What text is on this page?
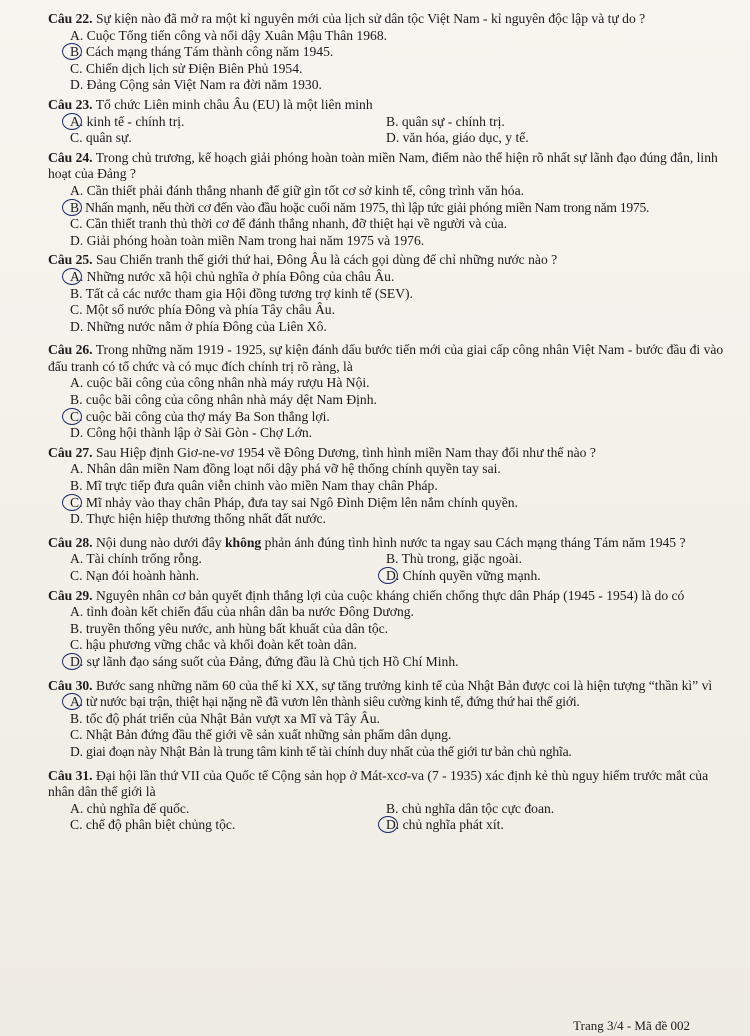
Câu 22. Sự kiện nào đã mở ra một kỉ nguyên mới của lịch sử dân tộc Việt Nam - kỉ nguyên độc lập và tự do ?
A. Cuộc Tổng tiến công và nổi dậy Xuân Mậu Thân 1968.
B. Cách mạng tháng Tám thành công năm 1945.
C. Chiến dịch lịch sử Điện Biên Phủ 1954.
D. Đảng Cộng sản Việt Nam ra đời năm 1930.
Câu 23. Tổ chức Liên minh châu Âu (EU) là một liên minh
A. kinh tế - chính trị.	B. quân sự - chính trị.
C. quân sự.	D. văn hóa, giáo dục, y tế.
Câu 24. Trong chủ trương, kế hoạch giải phóng hoàn toàn miền Nam, điểm nào thể hiện rõ nhất sự lãnh đạo đúng đắn, linh hoạt của Đảng ?
A. Cần thiết phải đánh thắng nhanh để giữ gìn tốt cơ sở kinh tế, công trình văn hóa.
B. Nhấn mạnh, nếu thời cơ đến vào đầu hoặc cuối năm 1975, thì lập tức giải phóng miền Nam trong năm 1975.
C. Cần thiết tranh thủ thời cơ để đánh thắng nhanh, đỡ thiệt hại về người và của.
D. Giải phóng hoàn toàn miền Nam trong hai năm 1975 và 1976.
Câu 25. Sau Chiến tranh thế giới thứ hai, Đông Âu là cách gọi dùng để chỉ những nước nào ?
A. Những nước xã hội chủ nghĩa ở phía Đông của châu Âu.
B. Tất cả các nước tham gia Hội đồng tương trợ kinh tế (SEV).
C. Một số nước phía Đông và phía Tây châu Âu.
D. Những nước nằm ở phía Đông của Liên Xô.
Câu 26. Trong những năm 1919 - 1925, sự kiện đánh dấu bước tiến mới của giai cấp công nhân Việt Nam - bước đầu đi vào đấu tranh có tổ chức và có mục đích chính trị rõ ràng, là
A. cuộc bãi công của công nhân nhà máy rượu Hà Nội.
B. cuộc bãi công của công nhân nhà máy dệt Nam Định.
C. cuộc bãi công của thợ máy Ba Son thắng lợi.
D. Công hội thành lập ở Sài Gòn - Chợ Lớn.
Câu 27. Sau Hiệp định Giơ-ne-vơ 1954 về Đông Dương, tình hình miền Nam thay đổi như thế nào ?
A. Nhân dân miền Nam đồng loạt nổi dậy phá vỡ hệ thống chính quyền tay sai.
B. Mĩ trực tiếp đưa quân viễn chinh vào miền Nam thay chân Pháp.
C. Mĩ nhảy vào thay chân Pháp, đưa tay sai Ngô Đình Diệm lên nắm chính quyền.
D. Thực hiện hiệp thương thống nhất đất nước.
Câu 28. Nội dung nào dưới đây không phản ánh đúng tình hình nước ta ngay sau Cách mạng tháng Tám năm 1945 ?
A. Tài chính trống rỗng.	B. Thù trong, giặc ngoài.
C. Nạn đói hoành hành.	D. Chính quyền vững mạnh.
Câu 29. Nguyên nhân cơ bản quyết định thắng lợi của cuộc kháng chiến chống thực dân Pháp (1945 - 1954) là do có
A. tình đoàn kết chiến đấu của nhân dân ba nước Đông Dương.
B. truyền thống yêu nước, anh hùng bất khuất của dân tộc.
C. hậu phương vững chắc và khối đoàn kết toàn dân.
D. sự lãnh đạo sáng suốt của Đảng, đứng đầu là Chủ tịch Hồ Chí Minh.
Câu 30. Bước sang những năm 60 của thế kỉ XX, sự tăng trưởng kinh tế của Nhật Bản được coi là hiện tượng “thần kì” vì
A. từ nước bại trận, thiệt hại nặng nề đã vươn lên thành siêu cường kinh tế, đứng thứ hai thế giới.
B. tốc độ phát triển của Nhật Bản vượt xa Mĩ và Tây Âu.
C. Nhật Bản đứng đầu thế giới về sản xuất những sản phẩm dân dụng.
D. giai đoạn này Nhật Bản là trung tâm kinh tế tài chính duy nhất của thế giới tư bản chủ nghĩa.
Câu 31. Đại hội lần thứ VII của Quốc tế Cộng sản họp ở Mát-xcơ-va (7 - 1935) xác định kẻ thù nguy hiểm trước mắt của nhân dân thế giới là
A. chủ nghĩa đế quốc.	B. chủ nghĩa dân tộc cực đoan.
C. chế độ phân biệt chủng tộc.	D. chủ nghĩa phát xít.
Trang 3/4 - Mã đề 002
